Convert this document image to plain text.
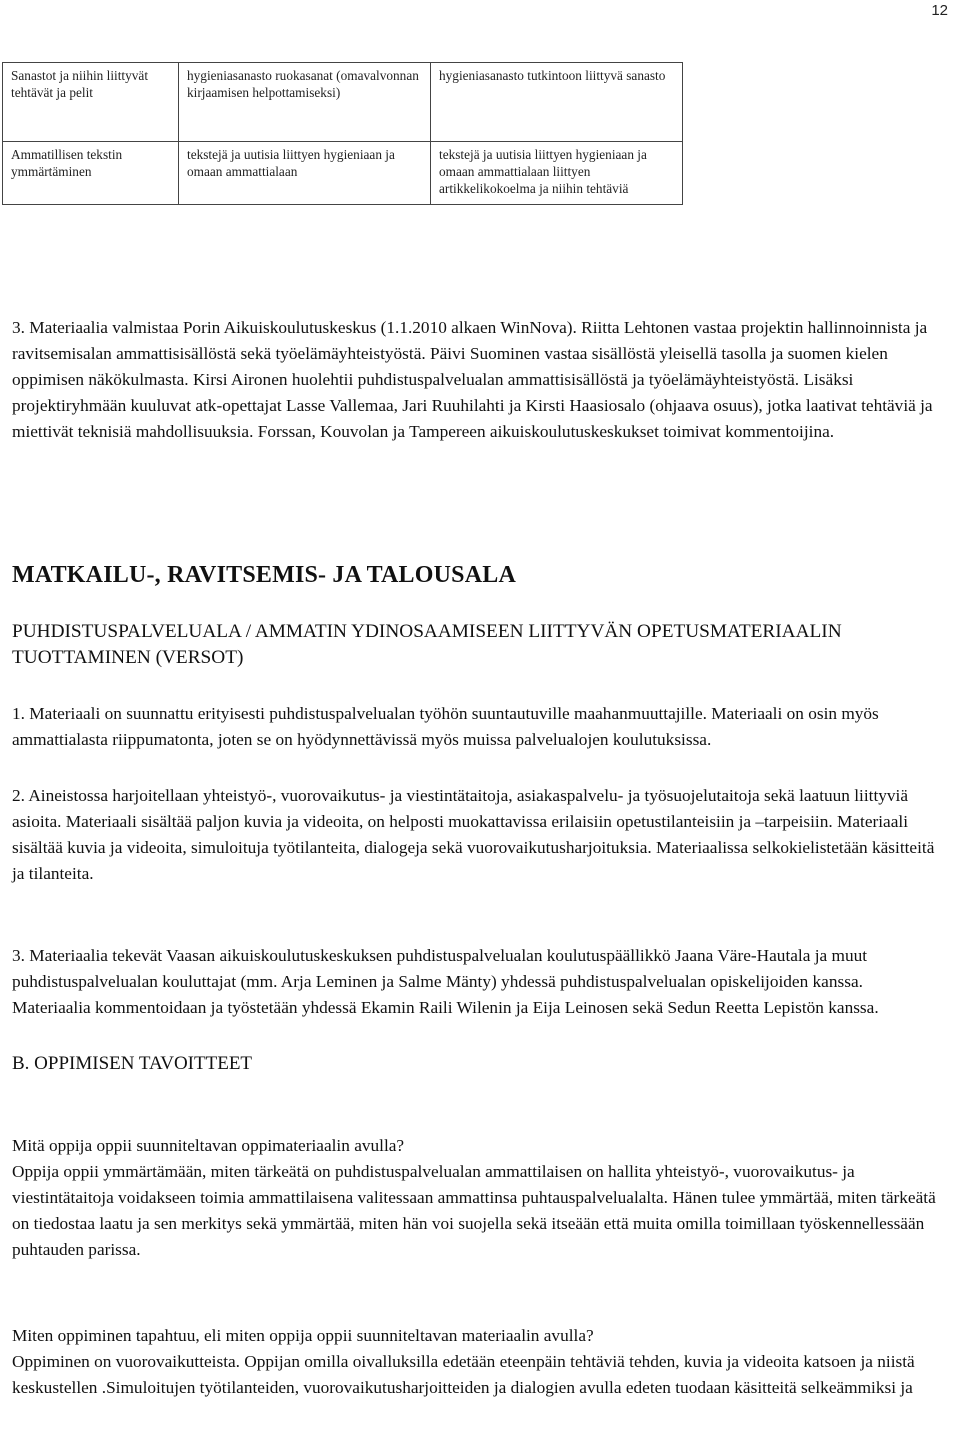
12
Sanastot ja niihin liittyvät tehtävät ja pelit	hygieniasanasto ruokasanat (omavalvonnan kirjaamisen helpottamiseksi)	hygieniasanasto tutkintoon liittyvä sanasto
Ammatillisen tekstin ymmärtäminen	tekstejä ja uutisia liittyen hygieniaan ja omaan ammattialaan	tekstejä ja uutisia liittyen hygieniaan ja omaan ammattialaan liittyen artikkelikokoelma ja niihin tehtäviä

3. Materiaalia valmistaa Porin Aikuiskoulutuskeskus (1.1.2010 alkaen WinNova). Riitta Lehtonen vastaa projektin hallinnoinnista ja ravitsemisalan ammattisisällöstä sekä työelämäyhteistyöstä. Päivi Suominen vastaa sisällöstä yleisellä tasolla ja suomen kielen oppimisen näkökulmasta. Kirsi Aironen huolehtii puhdistuspalvelualan ammattisisällöstä ja työelämäyhteistyöstä. Lisäksi projektiryhmään kuuluvat atk-opettajat Lasse Vallemaa, Jari Ruuhilahti ja Kirsti Haasiosalo (ohjaava osuus), jotka laativat tehtäviä ja miettivät teknisiä mahdollisuuksia. Forssan, Kouvolan ja Tampereen aikuiskoulutuskeskukset toimivat kommentoijina.

MATKAILU-, RAVITSEMIS- JA TALOUSALA
PUHDISTUSPALVELUALA / AMMATIN YDINOSAAMISEEN LIITTYVÄN OPETUSMATERIAALIN TUOTTAMINEN (VERSOT)
1. Materiaali on suunnattu erityisesti puhdistuspalvelualan työhön suuntautuville maahanmuuttajille. Materiaali on osin myös ammattialasta riippumatonta, joten se on hyödynnettävissä myös muissa palvelualojen koulutuksissa.
2. Aineistossa harjoitellaan yhteistyö-, vuorovaikutus- ja viestintätaitoja, asiakaspalvelu- ja työsuojelutaitoja sekä laatuun liittyviä asioita. Materiaali sisältää paljon kuvia ja videoita, on helposti muokattavissa erilaisiin opetustilanteisiin ja –tarpeisiin. Materiaali sisältää kuvia ja videoita, simuloituja työtilanteita, dialogeja sekä vuorovaikutusharjoituksia. Materiaalissa selkokielistetään käsitteitä ja tilanteita.
3. Materiaalia tekevät Vaasan aikuiskoulutuskeskuksen puhdistuspalvelualan koulutuspäällikkö Jaana Väre-Hautala ja muut puhdistuspalvelualan kouluttajat (mm. Arja Leminen ja Salme Mänty) yhdessä puhdistuspalvelualan opiskelijoiden kanssa. Materiaalia kommentoidaan ja työstetään yhdessä Ekamin Raili Wilenin ja Eija Leinosen sekä Sedun Reetta Lepistön kanssa.
B. OPPIMISEN TAVOITTEET

Mitä oppija oppii suunniteltavan oppimateriaalin avulla?

Oppija oppii ymmärtämään, miten tärkeätä on puhdistuspalvelualan ammattilaisen on hallita yhteistyö-, vuorovaikutus- ja viestintätaitoja voidakseen toimia ammattilaisena valitessaan ammattinsa puhtauspalvelualalta. Hänen tulee ymmärtää, miten tärkeätä on tiedostaa laatu ja sen merkitys sekä ymmärtää, miten hän voi suojella sekä itseään että muita omilla toimillaan työskennellessään puhtauden parissa.

Miten oppiminen tapahtuu, eli miten oppija oppii suunniteltavan materiaalin avulla?

Oppiminen on vuorovaikutteista. Oppijan omilla oivalluksilla edetään eteenpäin tehtäviä tehden, kuvia ja videoita katsoen ja niistä keskustellen .Simuloitujen työtilanteiden, vuorovaikutusharjoitteiden ja dialogien avulla edeten tuodaan käsitteitä selkeämmiksi ja
